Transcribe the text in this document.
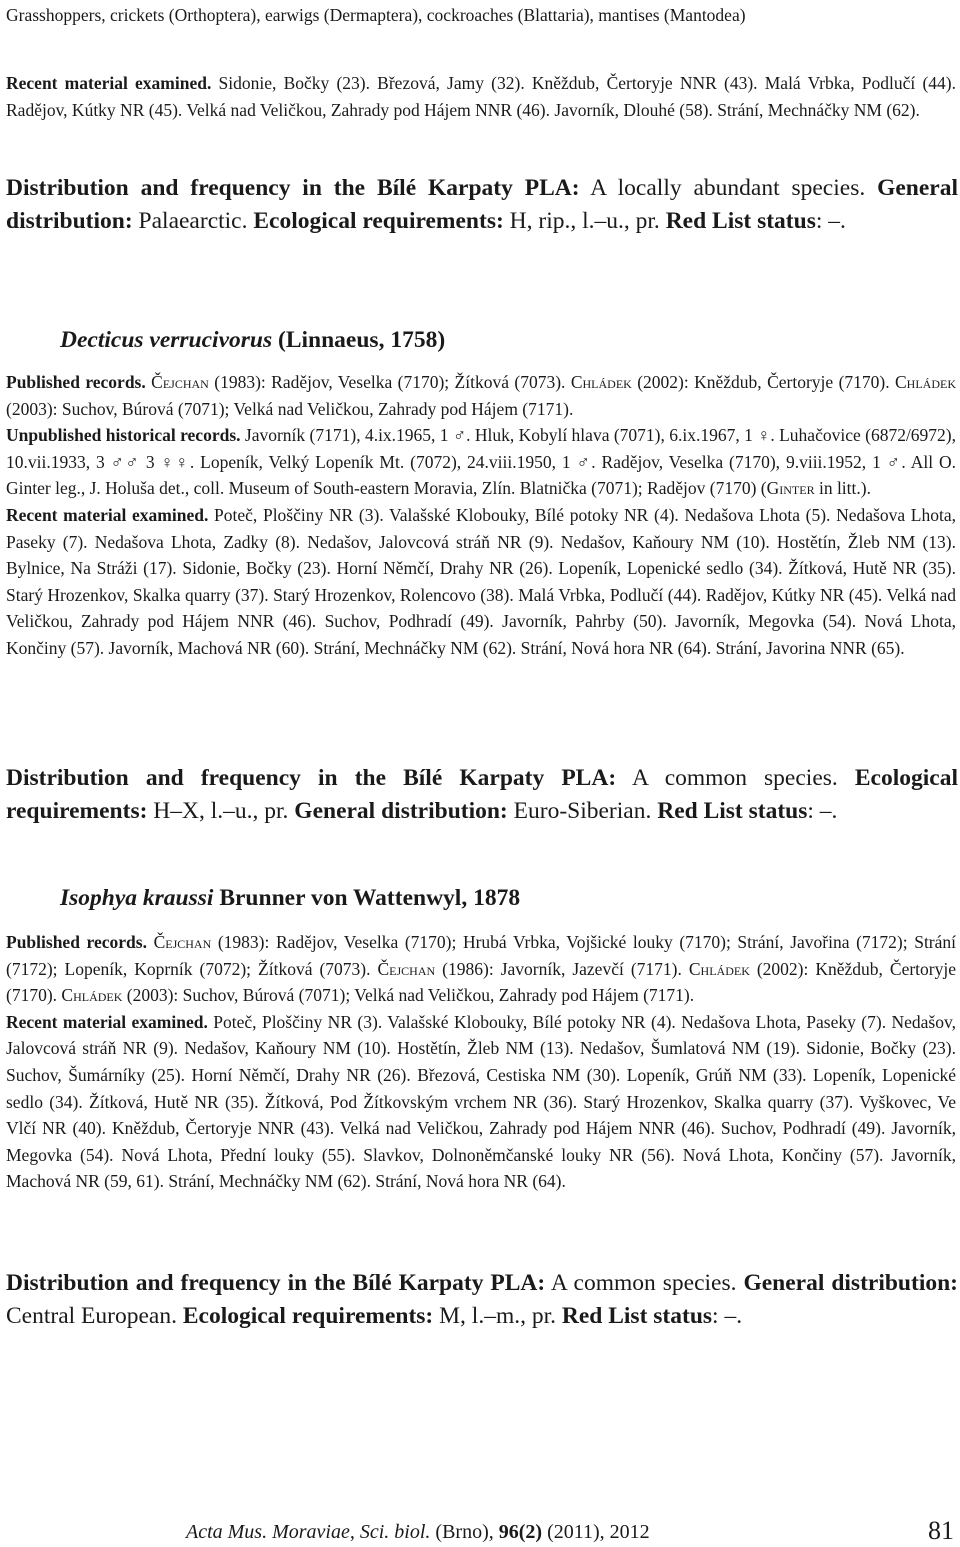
Grasshoppers, crickets (Orthoptera), earwigs (Dermaptera), cockroaches (Blattaria), mantises (Mantodea)
Recent material examined. Sidonie, Bočky (23). Březová, Jamy (32). Kněždub, Čertoryje NNR (43). Malá Vrbka, Podlučí (44). Radějov, Kútky NR (45). Velká nad Veličkou, Zahrady pod Hájem NNR (46). Javorník, Dlouhé (58). Strání, Mechnáčky NM (62).
Distribution and frequency in the Bílé Karpaty PLA: A locally abundant species. General distribution: Palaearctic. Ecological requirements: H, rip., l.–u., pr. Red List status: –.
Decticus verrucivorus (Linnaeus, 1758)
Published records. Čejchan (1983): Radějov, Veselka (7170); Žítková (7073). Chládek (2002): Kněždub, Čertoryje (7170). Chládek (2003): Suchov, Búrová (7071); Velká nad Veličkou, Zahrady pod Hájem (7171).
Unpublished historical records. Javorník (7171), 4.ix.1965, 1 ♂. Hluk, Kobylí hlava (7071), 6.ix.1967, 1 ♀. Luhačovice (6872/6972), 10.vii.1933, 3 ♂♂ 3 ♀♀. Lopeník, Velký Lopeník Mt. (7072), 24.viii.1950, 1 ♂. Radějov, Veselka (7170), 9.viii.1952, 1 ♂. All O. Ginter leg., J. Holuša det., coll. Museum of South-eastern Moravia, Zlín. Blatnička (7071); Radějov (7170) (Ginter in litt.).
Recent material examined. Poteč, Ploščiny NR (3). Valašské Klobouky, Bílé potoky NR (4). Nedašova Lhota (5). Nedašova Lhota, Paseky (7). Nedašova Lhota, Zadky (8). Nedašov, Jalovcová stráň NR (9). Nedašov, Kaňoury NM (10). Hostětín, Žleb NM (13). Bylnice, Na Stráži (17). Sidonie, Bočky (23). Horní Němčí, Drahy NR (26). Lopeník, Lopenické sedlo (34). Žítková, Hutě NR (35). Starý Hrozenkov, Skalka quarry (37). Starý Hrozenkov, Rolencovo (38). Malá Vrbka, Podlučí (44). Radějov, Kútky NR (45). Velká nad Veličkou, Zahrady pod Hájem NNR (46). Suchov, Podhradí (49). Javorník, Pahrby (50). Javorník, Megovka (54). Nová Lhota, Končiny (57). Javorník, Machová NR (60). Strání, Mechnáčky NM (62). Strání, Nová hora NR (64). Strání, Javorina NNR (65).
Distribution and frequency in the Bílé Karpaty PLA: A common species. Ecological requirements: H–X, l.–u., pr. General distribution: Euro-Siberian. Red List status: –.
Isophya kraussi Brunner von Wattenwyl, 1878
Published records. Čejchan (1983): Radějov, Veselka (7170); Hrubá Vrbka, Vojšické louky (7170); Strání, Javořina (7172); Strání (7172); Lopeník, Koprník (7072); Žítková (7073). Čejchan (1986): Javorník, Jazevčí (7171). Chládek (2002): Kněždub, Čertoryje (7170). Chládek (2003): Suchov, Búrová (7071); Velká nad Veličkou, Zahrady pod Hájem (7171).
Recent material examined. Poteč, Ploščiny NR (3). Valašské Klobouky, Bílé potoky NR (4). Nedašova Lhota, Paseky (7). Nedašov, Jalovcová stráň NR (9). Nedašov, Kaňoury NM (10). Hostětín, Žleb NM (13). Nedašov, Šumlatová NM (19). Sidonie, Bočky (23). Suchov, Šumárníky (25). Horní Němčí, Drahy NR (26). Březová, Cestiska NM (30). Lopeník, Grúň NM (33). Lopeník, Lopenické sedlo (34). Žítková, Hutě NR (35). Žítková, Pod Žítkovským vrchem NR (36). Starý Hrozenkov, Skalka quarry (37). Vyškovec, Ve Vlčí NR (40). Kněždub, Čertoryje NNR (43). Velká nad Veličkou, Zahrady pod Hájem NNR (46). Suchov, Podhradí (49). Javorník, Megovka (54). Nová Lhota, Přední louky (55). Slavkov, Dolnoněmčanské louky NR (56). Nová Lhota, Končiny (57). Javorník, Machová NR (59, 61). Strání, Mechnáčky NM (62). Strání, Nová hora NR (64).
Distribution and frequency in the Bílé Karpaty PLA: A common species. General distribution: Central European. Ecological requirements: M, l.–m., pr. Red List status: –.
Acta Mus. Moraviae, Sci. biol. (Brno), 96(2) (2011), 2012	81
